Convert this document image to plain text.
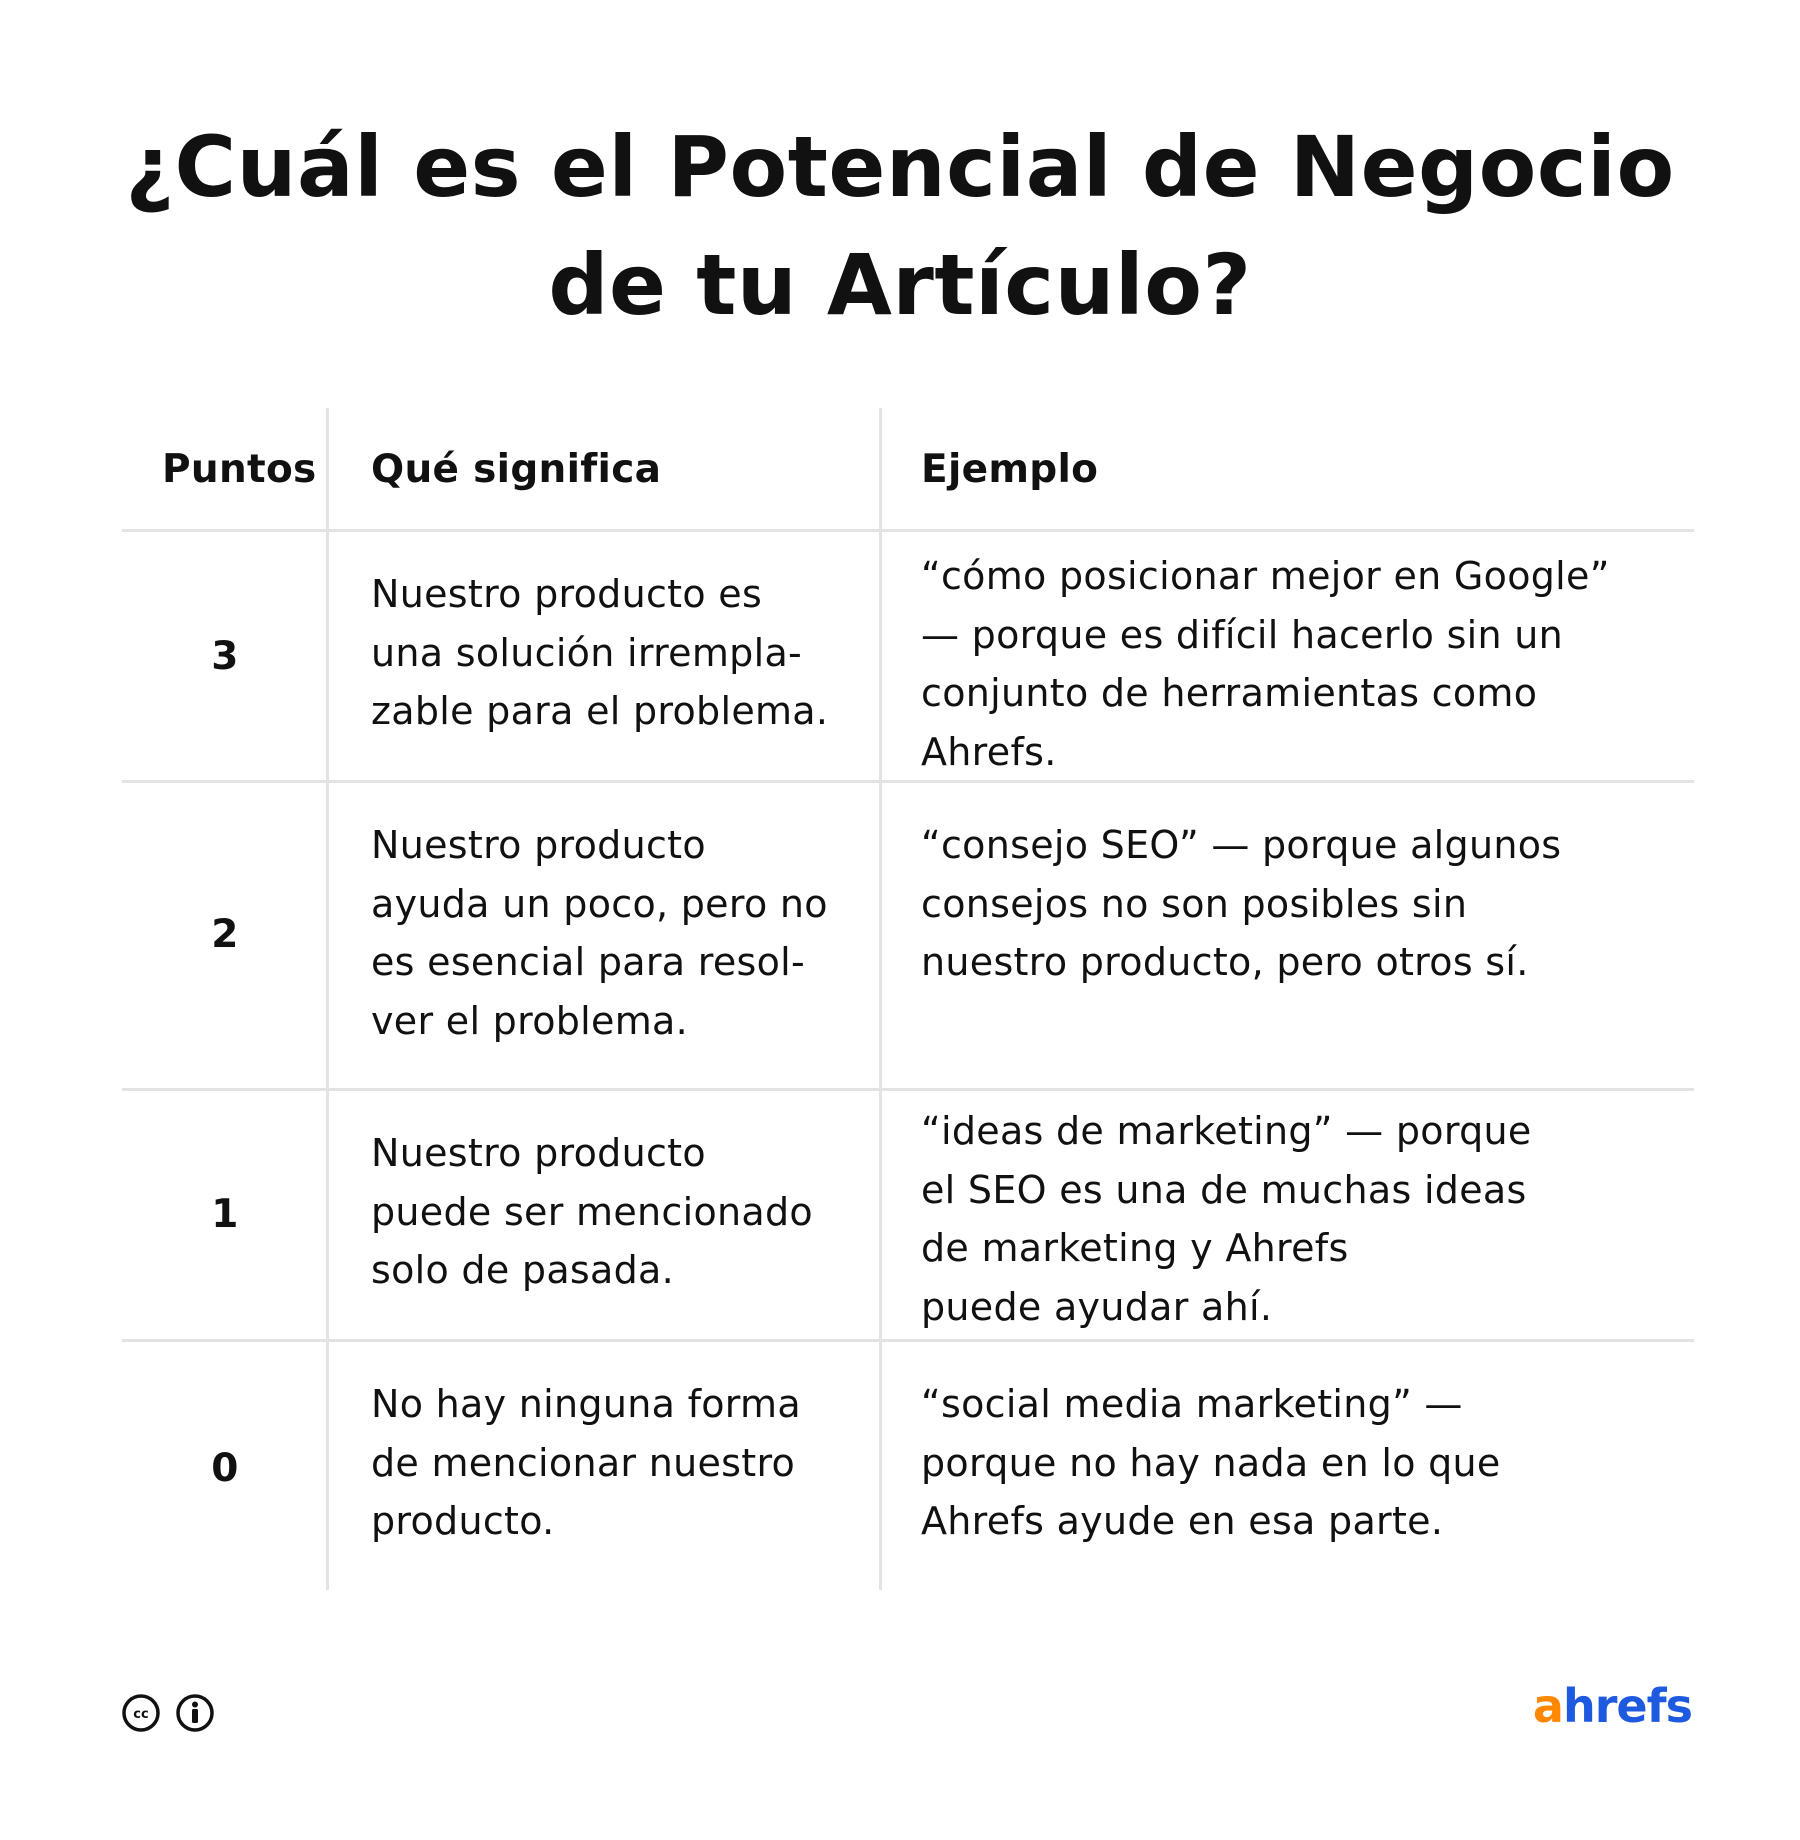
¿Cuál es el Potencial de Negocio
de tu Artículo?
Puntos Qué significa	Ejemplo
3
Nuestro producto es
una solución irrempla-
zable para el problema.
“cómo posicionar mejor en Google”
— porque es difícil hacerlo sin un
conjunto de herramientas como
Ahrefs.
2
Nuestro producto
ayuda un poco, pero no
es esencial para resol-
ver el problema.
“consejo SEO” — porque algunos
consejos no son posibles sin
nuestro producto, pero otros sí.
1
Nuestro producto
puede ser mencionado
solo de pasada.
“ideas de marketing” — porque
el SEO es una de muchas ideas
de marketing y Ahrefs
puede ayudar ahí.
0
No hay ninguna forma
de mencionar nuestro
producto.
“social media marketing” —
porque no hay nada en lo que
Ahrefs ayude en esa parte.
cc	ahrefs
